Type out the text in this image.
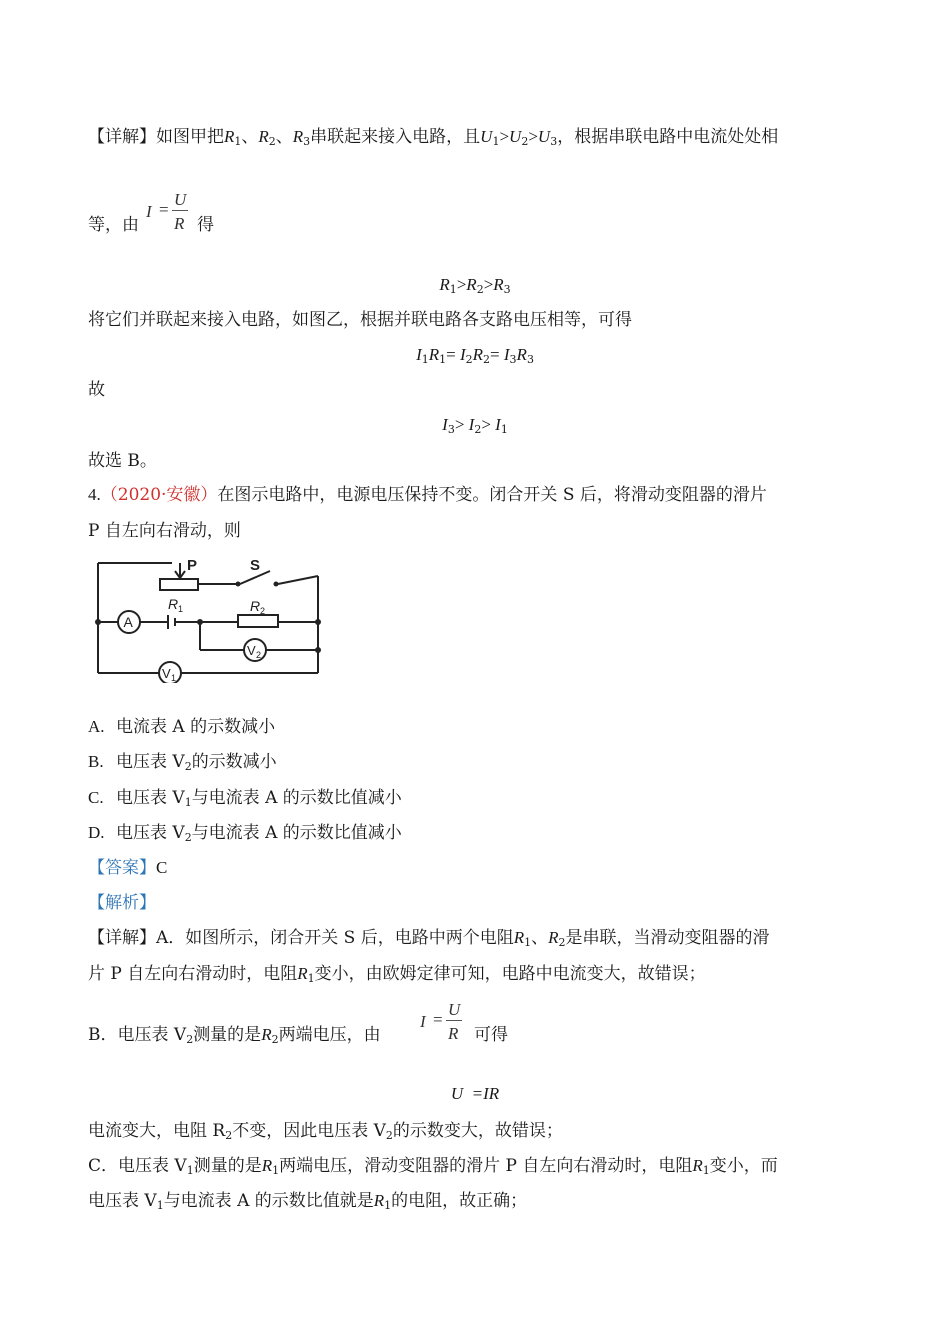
【详解】如图甲把$R_1$、$R_2$、$R_3$串联起来接入电路，且$U_1>U_2>U_3$，根据串联电路中电流处处相
等，由
I =
U
R 得
$R_1>R_2>R_3$
将它们并联起来接入电路，如图乙，根据并联电路各支路电压相等，可得
$I_1R_1= I_2R_2= I_3R_3$
故
$I_3> I_2> I_1$
故选 B。
4.（2020·安徽）在图示电路中，电源电压保持不变。闭合开关 S 后，将滑动变阻器的滑片
P 自左向右滑动，则
A
V 2
V 1
P	S
R 1	R 2
A. 电流表 A 的示数减小
B. 电压表 $V_2$的示数减小
C. 电压表 $V_1$与电流表 A 的示数比值减小
D. 电压表 $V_2$与电流表 A 的示数比值减小
【答案】C
【解析】
【详解】A．如图所示，闭合开关 S 后，电路中两个电阻$R_1$、$R_2$是串联，当滑动变阻器的滑
片 P 自左向右滑动时，电阻$R_1$变小，由欧姆定律可知，电路中电流变大，故错误；
B．电压表 $V_2$测量的是$R_2$两端电压，由
I =
U
R 可得
U  =IR
电流变大，电阻 $R_2$不变，因此电压表 $V_2$的示数变大，故错误；
C．电压表 $V_1$测量的是$R_1$两端电压，滑动变阻器的滑片 P 自左向右滑动时，电阻$R_1$变小，而
电压表 $V_1$与电流表 A 的示数比值就是$R_1$的电阻，故正确；
